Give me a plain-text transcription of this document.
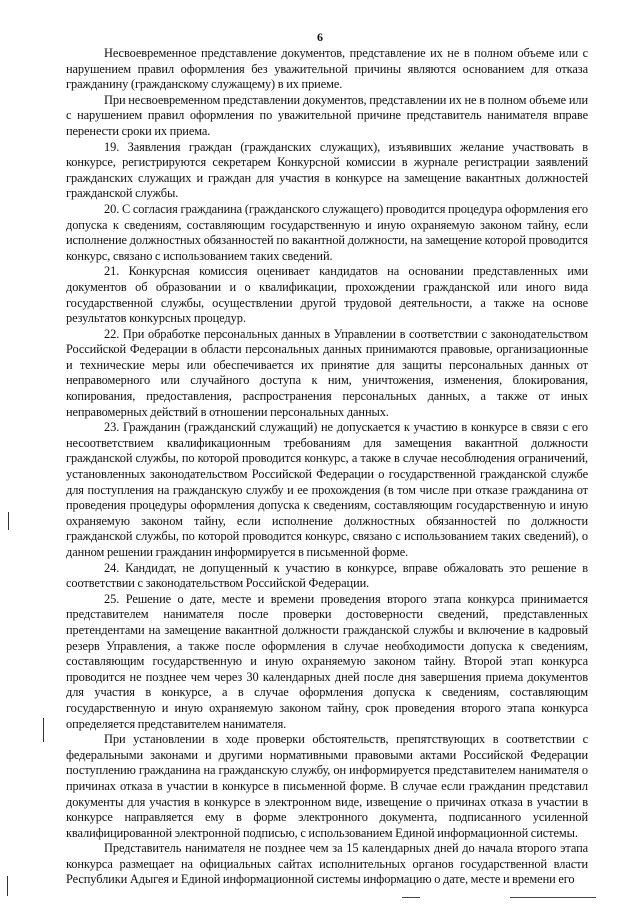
6

Несвоевременное представление документов, представление их не в полном объеме или с нарушением правил оформления без уважительной причины являются основанием для отказа гражданину (гражданскому служащему) в их приеме.

При несвоевременном представлении документов, представлении их не в полном объеме или с нарушением правил оформления по уважительной причине представитель нанимателя вправе перенести сроки их приема.

19. Заявления граждан (гражданских служащих), изъявивших желание участвовать в конкурсе, регистрируются секретарем Конкурсной комиссии в журнале регистрации заявлений гражданских служащих и граждан для участия в конкурсе на замещение вакантных должностей гражданской службы.

20. С согласия гражданина (гражданского служащего) проводится процедура оформления его допуска к сведениям, составляющим государственную и иную охраняемую законом тайну, если исполнение должностных обязанностей по вакантной должности, на замещение которой проводится конкурс, связано с использованием таких сведений.

21. Конкурсная комиссия оценивает кандидатов на основании представленных ими документов об образовании и о квалификации, прохождении гражданской или иного вида государственной службы, осуществлении другой трудовой деятельности, а также на основе результатов конкурсных процедур.

22. При обработке персональных данных в Управлении в соответствии с законодательством Российской Федерации в области персональных данных принимаются правовые, организационные и технические меры или обеспечивается их принятие для защиты персональных данных от неправомерного или случайного доступа к ним, уничтожения, изменения, блокирования, копирования, предоставления, распространения персональных данных, а также от иных неправомерных действий в отношении персональных данных.

23. Гражданин (гражданский служащий) не допускается к участию в конкурсе в связи с его несоответствием квалификационным требованиям для замещения вакантной должности гражданской службы, по которой проводится конкурс, а также в случае несоблюдения ограничений, установленных законодательством Российской Федерации о государственной гражданской службе для поступления на гражданскую службу и ее прохождения (в том числе при отказе гражданина от проведения процедуры оформления допуска к сведениям, составляющим государственную и иную охраняемую законом тайну, если исполнение должностных обязанностей по должности гражданской службы, по которой проводится конкурс, связано с использованием таких сведений), о данном решении гражданин информируется в письменной форме.

24. Кандидат, не допущенный к участию в конкурсе, вправе обжаловать это решение в соответствии с законодательством Российской Федерации.

25. Решение о дате, месте и времени проведения второго этапа конкурса принимается представителем нанимателя после проверки достоверности сведений, представленных претендентами на замещение вакантной должности гражданской службы и включение в кадровый резерв Управления, а также после оформления в случае необходимости допуска к сведениям, составляющим государственную и иную охраняемую законом тайну. Второй этап конкурса проводится не позднее чем через 30 календарных дней после дня завершения приема документов для участия в конкурсе, а в случае оформления допуска к сведениям, составляющим государственную и иную охраняемую законом тайну, срок проведения второго этапа конкурса определяется представителем нанимателя.

При установлении в ходе проверки обстоятельств, препятствующих в соответствии с федеральными законами и другими нормативными правовыми актами Российской Федерации поступлению гражданина на гражданскую службу, он информируется представителем нанимателя о причинах отказа в участии в конкурсе в письменной форме. В случае если гражданин представил документы для участия в конкурсе в электронном виде, извещение о причинах отказа в участии в конкурсе направляется ему в форме электронного документа, подписанного усиленной квалифицированной электронной подписью, с использованием Единой информационной системы.

Представитель нанимателя не позднее чем за 15 календарных дней до начала второго этапа конкурса размещает на официальных сайтах исполнительных органов государственной власти Республики Адыгея и Единой информационной системы информацию о дате, месте и времени его
